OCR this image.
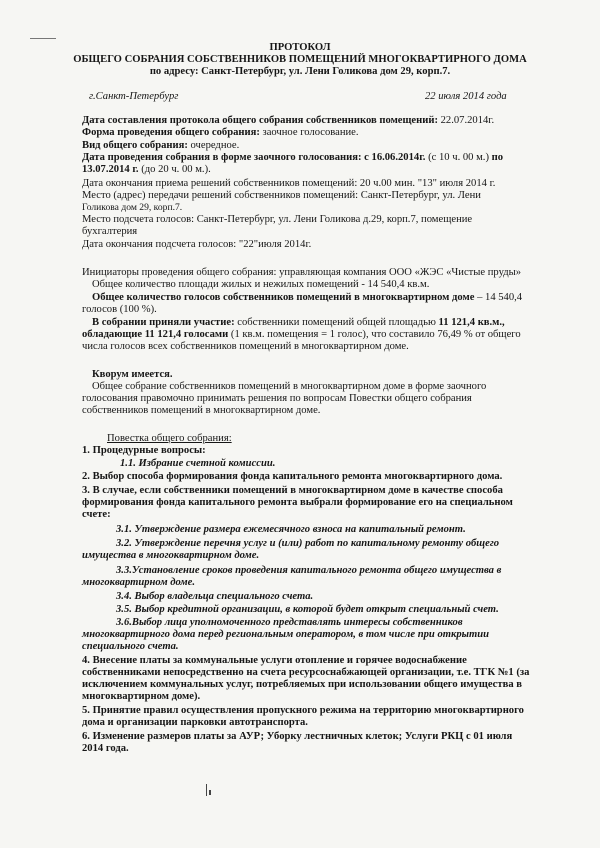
ПРОТОКОЛ
ОБЩЕГО СОБРАНИЯ СОБСТВЕННИКОВ ПОМЕЩЕНИЙ МНОГОКВАРТИРНОГО ДОМА
по адресу: Санкт-Петербург, ул. Лени Голикова дом 29, корп.7.
г.Санкт-Петербург	22 июля 2014 года
Дата составления протокола общего собрания собственников помещений: 22.07.2014г.
Форма проведения общего собрания: заочное голосование.
Вид общего собрания: очередное.
Дата проведения собрания в форме заочного голосования: с 16.06.2014г. (с 10 ч. 00 м.) по
13.07.2014 г. (до 20 ч. 00 м.).
Дата окончания приема решений собственников помещений: 20 ч.00 мин. "13" июля 2014 г.
Место (адрес) передачи решений собственников помещений: Санкт-Петербург, ул. Лени
Голикова дом 29, корп.7.
Место подсчета голосов: Санкт-Петербург, ул. Лени Голикова д.29, корп.7, помещение
бухгалтерия
Дата окончания подсчета голосов: "22"июля 2014г.
Инициаторы проведения общего собрания: управляющая компания ООО «ЖЭС «Чистые пруды»
Общее количество площади жилых и нежилых помещений - 14 540,4 кв.м.
Общее количество голосов собственников помещений в многоквартирном доме – 14 540,4
голосов (100 %).
В собрании приняли участие: собственники помещений общей площадью 11 121,4 кв.м.,
обладающие 11 121,4 голосами (1 кв.м. помещения = 1 голос), что составило 76,49 % от общего
числа голосов всех собственников помещений в многоквартирном доме.
Кворум имеется.
Общее собрание собственников помещений в многоквартирном доме в форме заочного
голосования правомочно принимать решения по вопросам Повестки общего собрания
собственников помещений в многоквартирном доме.
Повестка общего собрания:
1. Процедурные вопросы:
1.1. Избрание счетной комиссии.
2. Выбор способа формирования фонда капитального ремонта многоквартирного дома.
3. В случае, если собственники помещений в многоквартирном доме в качестве способа
формирования фонда капитального ремонта выбрали формирование его на специальном
счете:
3.1. Утверждение размера ежемесячного взноса на капитальный ремонт.
3.2. Утверждение перечня услуг и (или) работ по капитальному ремонту общего
имущества в многоквартирном доме.
3.3.Установление сроков проведения капитального ремонта общего имущества в
многоквартирном доме.
3.4. Выбор владельца специального счета.
3.5. Выбор кредитной организации, в которой будет открыт специальный счет.
3.6.Выбор лица уполномоченного представлять интересы собственников
многоквартирного дома перед региональным оператором, в том числе при открытии
специального счета.
4. Внесение платы за коммунальные услуги отопление и горячее водоснабжение
собственниками непосредственно на счета ресурсоснабжающей организации, т.е. ТГК №1 (за
исключением коммунальных услуг, потребляемых при использовании общего имущества в
многоквартирном доме).
5. Принятие правил осуществления пропускного режима на территорию многоквартирного
дома и организации парковки автотранспорта.
6. Изменение размеров платы за АУР; Уборку лестничных клеток; Услуги РКЦ с 01 июля
2014 года.
